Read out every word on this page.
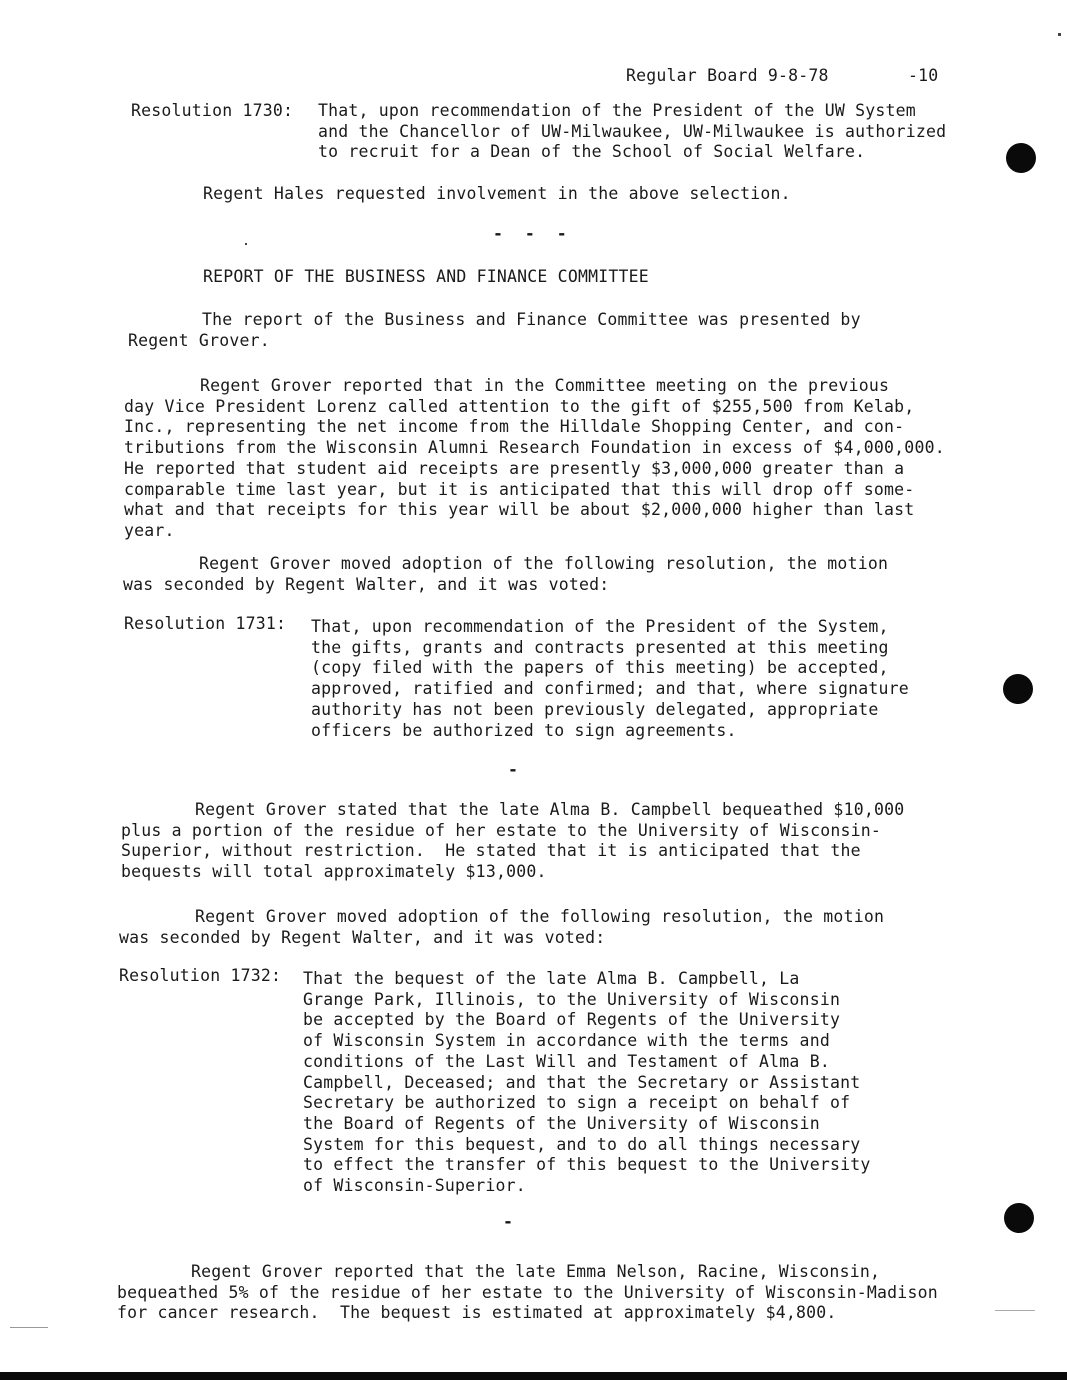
Regular Board 9-8-78	-10
Resolution 1730: That, upon recommendation of the President of the UW System
and the Chancellor of UW-Milwaukee, UW-Milwaukee is authorized
to recruit for a Dean of the School of Social Welfare.
Regent Hales requested involvement in the above selection.
- - -
REPORT OF THE BUSINESS AND FINANCE COMMITTEE
The report of the Business and Finance Committee was presented by
Regent Grover.
Regent Grover reported that in the Committee meeting on the previous
day Vice President Lorenz called attention to the gift of $255,500 from Kelab,
Inc., representing the net income from the Hilldale Shopping Center, and con-
tributions from the Wisconsin Alumni Research Foundation in excess of $4,000,000.
He reported that student aid receipts are presently $3,000,000 greater than a
comparable time last year, but it is anticipated that this will drop off some-
what and that receipts for this year will be about $2,000,000 higher than last
year.
Regent Grover moved adoption of the following resolution, the motion
was seconded by Regent Walter, and it was voted:
Resolution 1731: That, upon recommendation of the President of the System,
the gifts, grants and contracts presented at this meeting
(copy filed with the papers of this meeting) be accepted,
approved, ratified and confirmed; and that, where signature
authority has not been previously delegated, appropriate
officers be authorized to sign agreements.
-
Regent Grover stated that the late Alma B. Campbell bequeathed $10,000
plus a portion of the residue of her estate to the University of Wisconsin-
Superior, without restriction.  He stated that it is anticipated that the
bequests will total approximately $13,000.
Regent Grover moved adoption of the following resolution, the motion
was seconded by Regent Walter, and it was voted:
Resolution 1732: That the bequest of the late Alma B. Campbell, La
Grange Park, Illinois, to the University of Wisconsin
be accepted by the Board of Regents of the University
of Wisconsin System in accordance with the terms and
conditions of the Last Will and Testament of Alma B.
Campbell, Deceased; and that the Secretary or Assistant
Secretary be authorized to sign a receipt on behalf of
the Board of Regents of the University of Wisconsin
System for this bequest, and to do all things necessary
to effect the transfer of this bequest to the University
of Wisconsin-Superior.
-
Regent Grover reported that the late Emma Nelson, Racine, Wisconsin,
bequeathed 5% of the residue of her estate to the University of Wisconsin-Madison
for cancer research.  The bequest is estimated at approximately $4,800.
